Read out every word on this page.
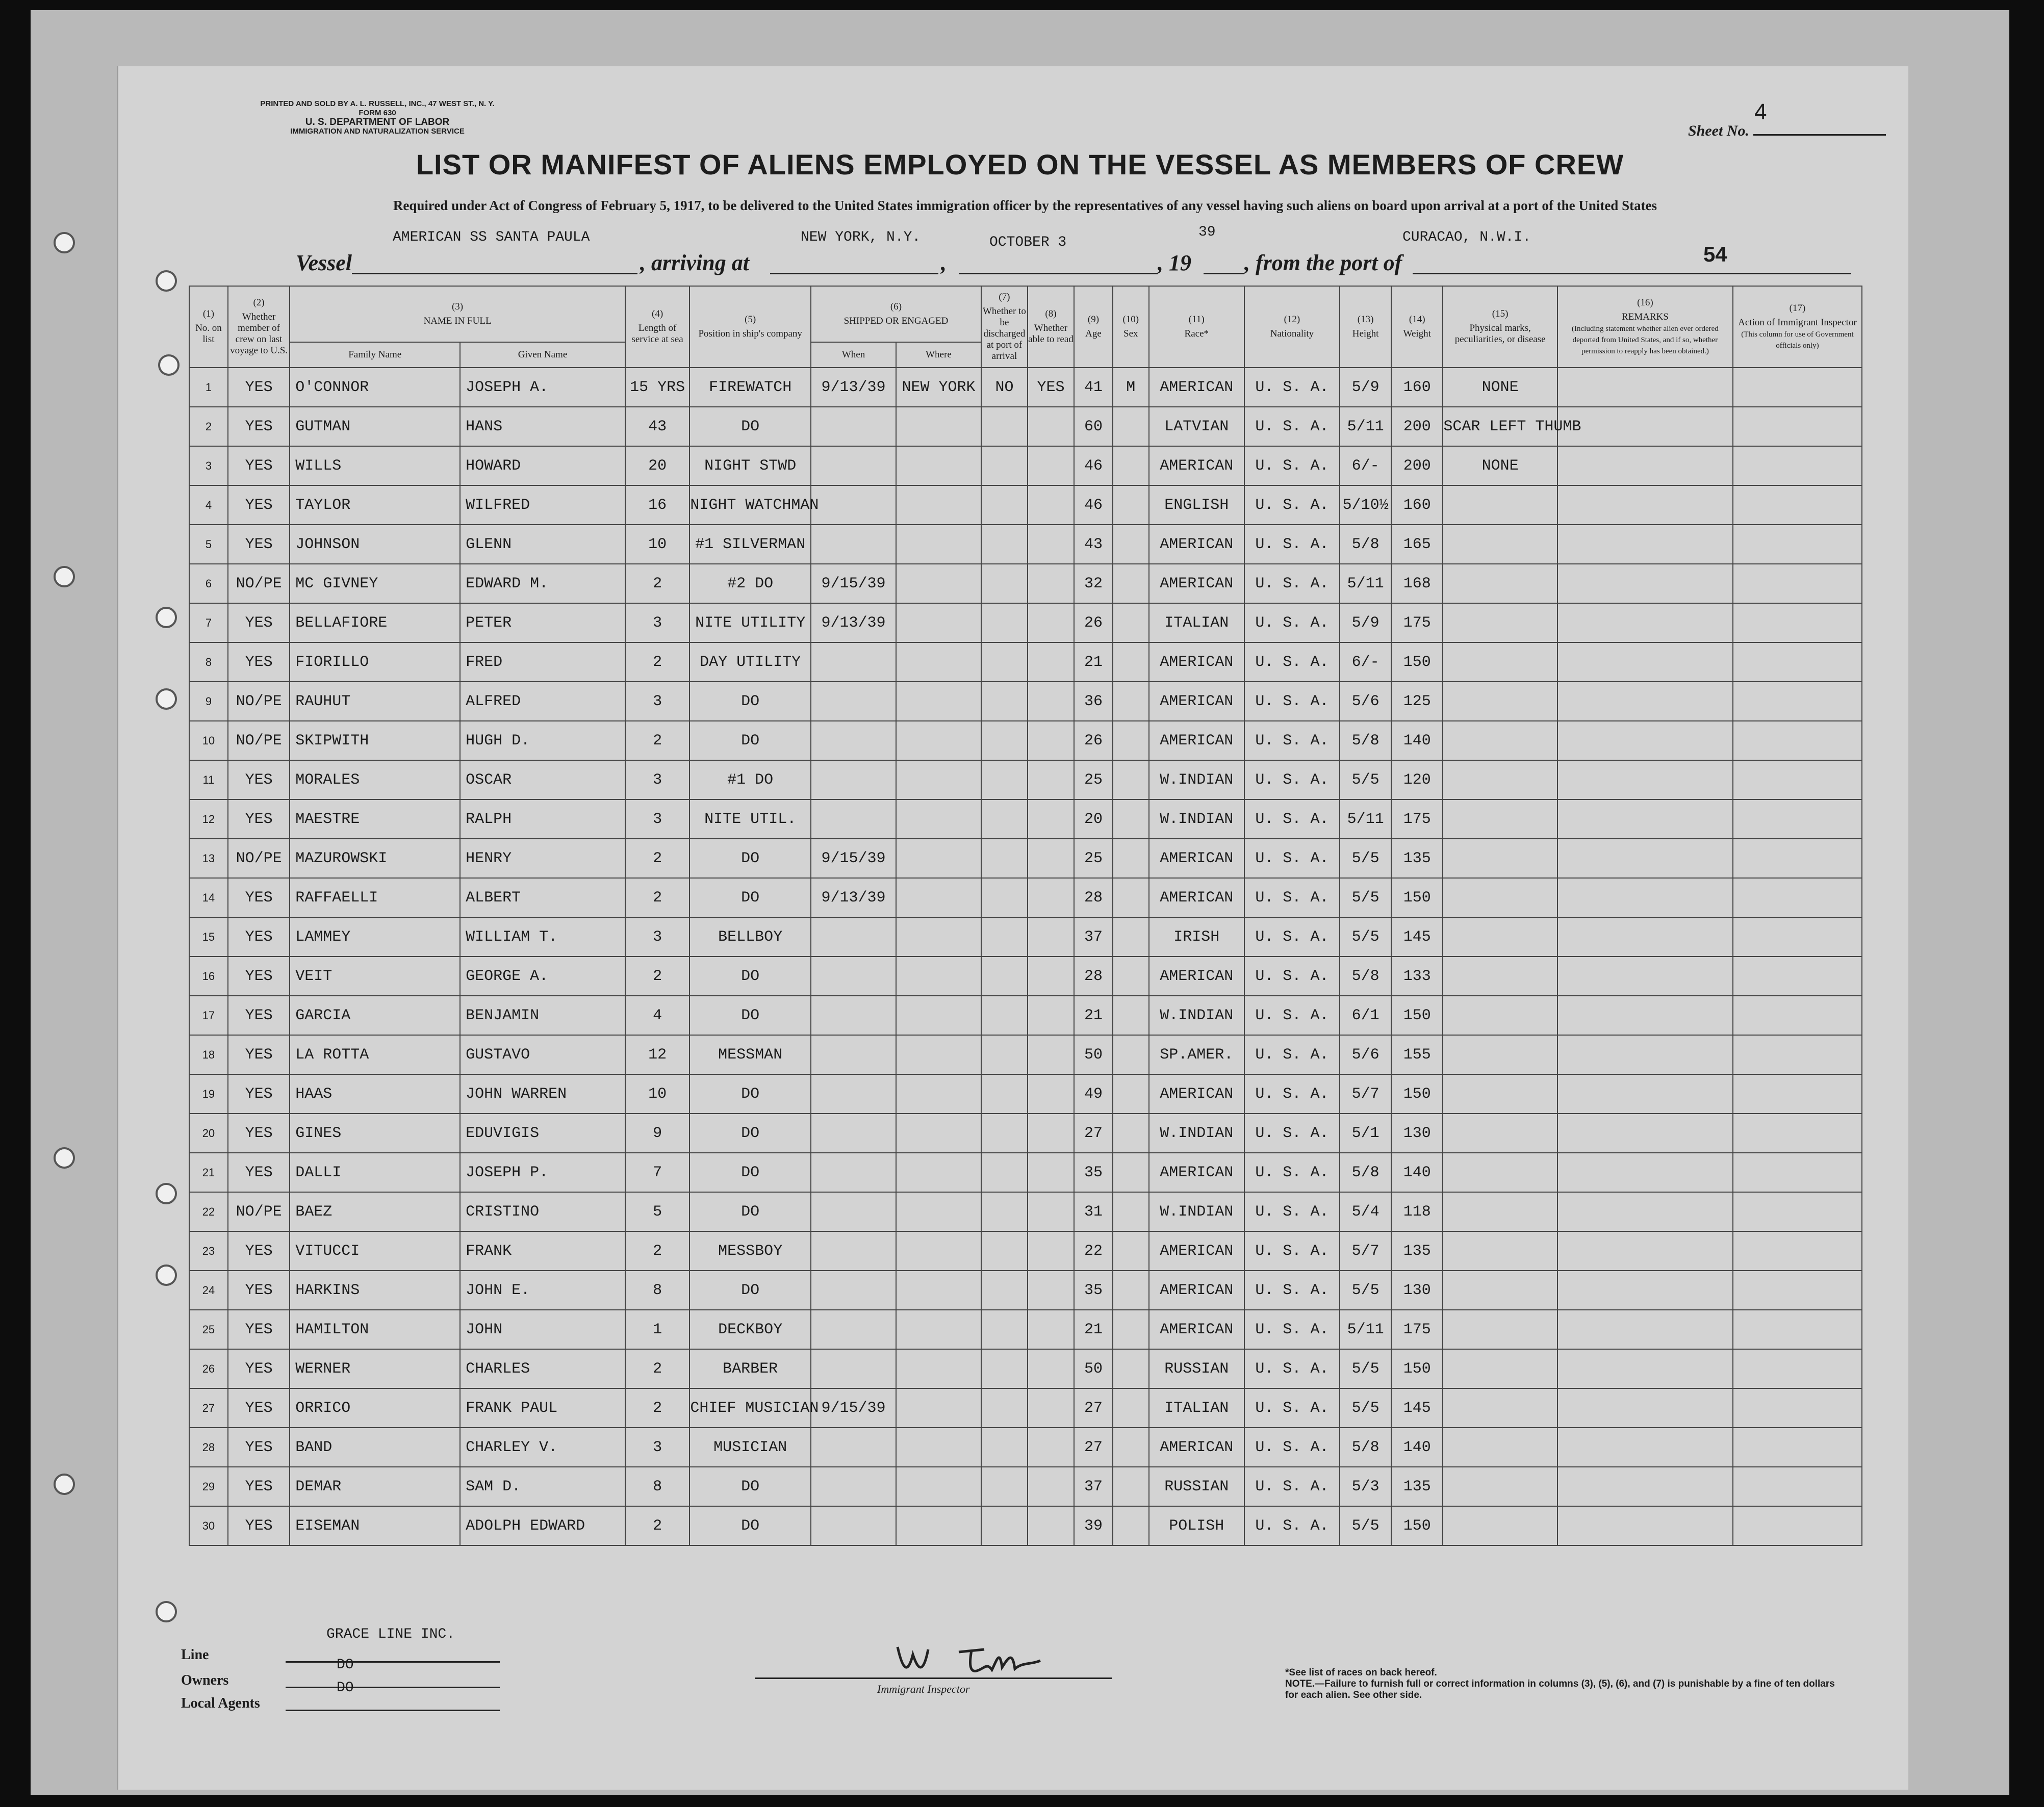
PRINTED AND SOLD BY A. L. RUSSELL, INC., 47 WEST ST., N. Y.
FORM 630
U. S. DEPARTMENT OF LABOR
IMMIGRATION AND NATURALIZATION SERVICE
4
Sheet No.
LIST OR MANIFEST OF ALIENS EMPLOYED ON THE VESSEL AS MEMBERS OF CREW
Required under Act of Congress of February 5, 1917, to be delivered to the United States immigration officer by the representatives of any vessel having such aliens on board upon arrival at a port of the United States
Vessel
AMERICAN SS SANTA PAULA
, arriving at
NEW YORK, N.Y.
,
OCTOBER 3
, 19
39
, from the port of
CURACAO, N.W.I.
54
(1)
No. on list	(2)
Whether member of crew on last voyage to U.S.	(3)
NAME IN FULL		(4)
Length of service at sea	(5)
Position in ship's company	(6)
SHIPPED OR ENGAGED		(7)
Whether to be discharged at port of arrival	(8)
Whether able to read	(9)
Age	(10)
Sex	(11)
Race*	(12)
Nationality	(13)
Height	(14)
Weight	(15)
Physical marks, peculiarities, or disease	(16)
REMARKS
(Including statement whether alien ever ordered deported from United States, and if so, whether permission to reapply has been obtained.)	(17)
Action of Immigrant Inspector
(This column for use of Government officials only)
		Family Name	Given Name			When	Where											
1	YES	O'CONNOR	JOSEPH A.	15 YRS	FIREWATCH	9/13/39	NEW YORK	NO	YES	41	M	AMERICAN	U. S. A.	5/9	160	NONE		
2	YES	GUTMAN	HANS	43	DO					60		LATVIAN	U. S. A.	5/11	200	SCAR LEFT THUMB		
3	YES	WILLS	HOWARD	20	NIGHT STWD					46		AMERICAN	U. S. A.	6/-	200	NONE		
4	YES	TAYLOR	WILFRED	16	NIGHT WATCHMAN					46		ENGLISH	U. S. A.	5/10½	160			
5	YES	JOHNSON	GLENN	10	#1 SILVERMAN					43		AMERICAN	U. S. A.	5/8	165			
6	NO/PE	MC GIVNEY	EDWARD M.	2	#2 DO	9/15/39				32		AMERICAN	U. S. A.	5/11	168			
7	YES	BELLAFIORE	PETER	3	NITE UTILITY	9/13/39				26		ITALIAN	U. S. A.	5/9	175			
8	YES	FIORILLO	FRED	2	DAY UTILITY					21		AMERICAN	U. S. A.	6/-	150			
9	NO/PE	RAUHUT	ALFRED	3	DO					36		AMERICAN	U. S. A.	5/6	125			
10	NO/PE	SKIPWITH	HUGH D.	2	DO					26		AMERICAN	U. S. A.	5/8	140			
11	YES	MORALES	OSCAR	3	#1 DO					25		W.INDIAN	U. S. A.	5/5	120			
12	YES	MAESTRE	RALPH	3	NITE UTIL.					20		W.INDIAN	U. S. A.	5/11	175			
13	NO/PE	MAZUROWSKI	HENRY	2	DO	9/15/39				25		AMERICAN	U. S. A.	5/5	135			
14	YES	RAFFAELLI	ALBERT	2	DO	9/13/39				28		AMERICAN	U. S. A.	5/5	150			
15	YES	LAMMEY	WILLIAM T.	3	BELLBOY					37		IRISH	U. S. A.	5/5	145			
16	YES	VEIT	GEORGE A.	2	DO					28		AMERICAN	U. S. A.	5/8	133			
17	YES	GARCIA	BENJAMIN	4	DO					21		W.INDIAN	U. S. A.	6/1	150			
18	YES	LA ROTTA	GUSTAVO	12	MESSMAN					50		SP.AMER.	U. S. A.	5/6	155			
19	YES	HAAS	JOHN WARREN	10	DO					49		AMERICAN	U. S. A.	5/7	150			
20	YES	GINES	EDUVIGIS	9	DO					27		W.INDIAN	U. S. A.	5/1	130			
21	YES	DALLI	JOSEPH P.	7	DO					35		AMERICAN	U. S. A.	5/8	140			
22	NO/PE	BAEZ	CRISTINO	5	DO					31		W.INDIAN	U. S. A.	5/4	118			
23	YES	VITUCCI	FRANK	2	MESSBOY					22		AMERICAN	U. S. A.	5/7	135			
24	YES	HARKINS	JOHN E.	8	DO					35		AMERICAN	U. S. A.	5/5	130			
25	YES	HAMILTON	JOHN	1	DECKBOY					21		AMERICAN	U. S. A.	5/11	175			
26	YES	WERNER	CHARLES	2	BARBER					50		RUSSIAN	U. S. A.	5/5	150			
27	YES	ORRICO	FRANK PAUL	2	CHIEF MUSICIAN	9/15/39				27		ITALIAN	U. S. A.	5/5	145			
28	YES	BAND	CHARLEY V.	3	MUSICIAN					27		AMERICAN	U. S. A.	5/8	140			
29	YES	DEMAR	SAM D.	8	DO					37		RUSSIAN	U. S. A.	5/3	135			
30	YES	EISEMAN	ADOLPH EDWARD	2	DO					39		POLISH	U. S. A.	5/5	150			
Line
GRACE LINE INC.
Owners
DO
Local Agents
DO	Immigrant Inspector
*See list of races on back hereof.
NOTE.—Failure to furnish full or correct information in columns (3), (5), (6), and (7) is punishable by a fine of ten dollars for each alien. See other side.
